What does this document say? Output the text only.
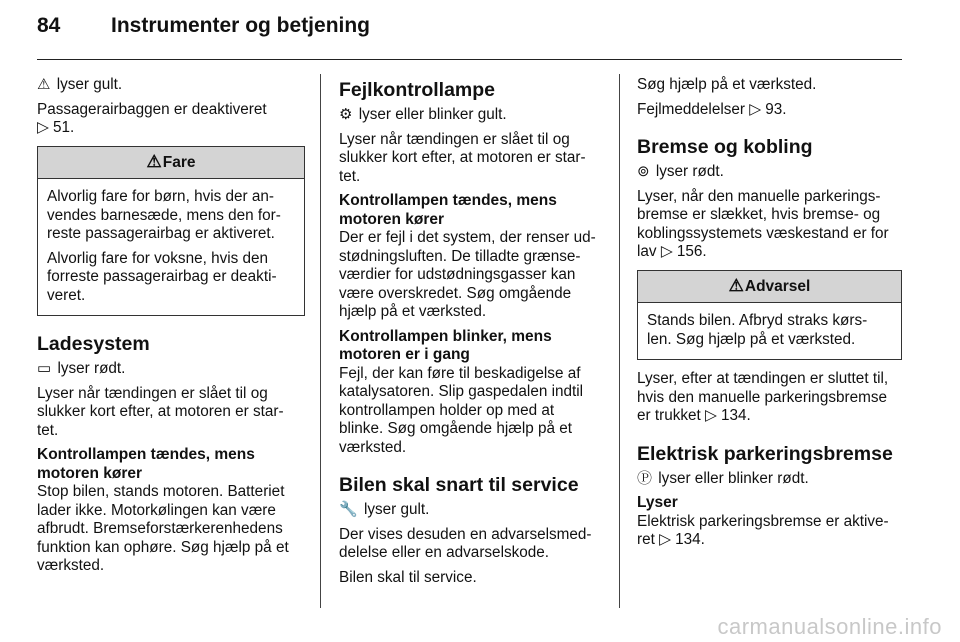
84 Instrumenter og betjening

⚠ lyser gult.

Passagerairbaggen er deaktiveret
▷ 51.

⚠Fare

Alvorlig fare for børn, hvis der an- vendes barnesæde, mens den for- reste passagerairbag er aktiveret.

Alvorlig fare for voksne, hvis den forreste passagerairbag er deakti- veret.

Ladesystem

▭ lyser rødt.

Lyser når tændingen er slået til og slukker kort efter, at motoren er star- tet.

Kontrollampen tændes, mens motoren kører

Stop bilen, stands motoren. Batteriet lader ikke. Motorkølingen kan være afbrudt. Bremseforstærkerenhedens funktion kan ophøre. Søg hjælp på et værksted.

Fejlkontrollampe

⚙ lyser eller blinker gult.

Lyser når tændingen er slået til og slukker kort efter, at motoren er star- tet.

Kontrollampen tændes, mens motoren kører

Der er fejl i det system, der renser ud- stødningsluften. De tilladte grænse- værdier for udstødningsgasser kan være overskredet. Søg omgående hjælp på et værksted.

Kontrollampen blinker, mens motoren er i gang

Fejl, der kan føre til beskadigelse af katalysatoren. Slip gaspedalen indtil kontrollampen holder op med at blinke. Søg omgående hjælp på et værksted.

Bilen skal snart til service

🔧 lyser gult.

Der vises desuden en advarselsmed- delelse eller en advarselskode.

Bilen skal til service.

Søg hjælp på et værksted.

Fejlmeddelelser ▷ 93.

Bremse og kobling

⊚ lyser rødt.

Lyser, når den manuelle parkerings- bremse er slækket, hvis bremse- og koblingssystemets væskestand er for lav ▷ 156.

⚠Advarsel

Stands bilen. Afbryd straks kørs- len. Søg hjælp på et værksted.

Lyser, efter at tændingen er sluttet til, hvis den manuelle parkeringsbremse er trukket ▷ 134.

Elektrisk parkeringsbremse

Ⓟ lyser eller blinker rødt.

Lyser

Elektrisk parkeringsbremse er aktive- ret ▷ 134.

carmanualsonline.info
